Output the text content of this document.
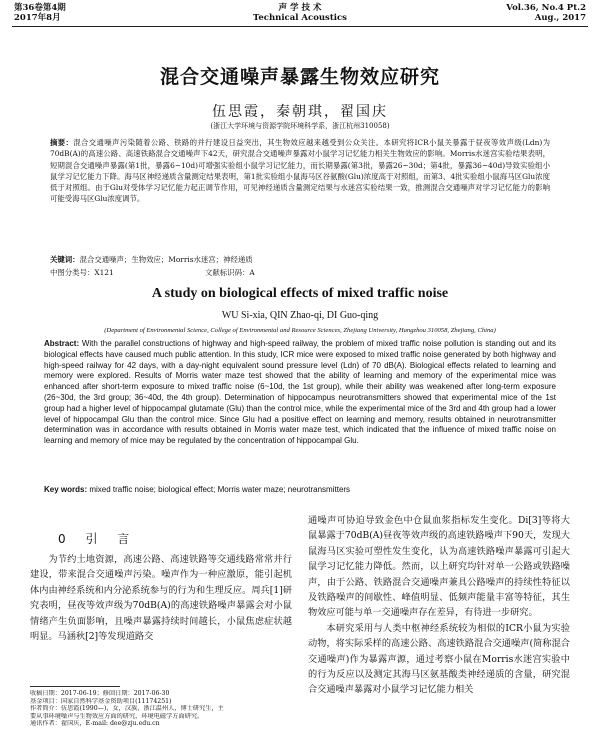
第36卷第4期
2017年8月
声 学 技 术
Technical Acoustics
Vol.36, No.4 Pt.2
Aug., 2017
混合交通噪声暴露生物效应研究
伍思霞，秦朝琪，翟国庆
(浙江大学环境与资源学院环境科学系，浙江杭州310058)
摘要：混合交通噪声污染随着公路、铁路的并行建设日益突出，其生物效应越来越受到公众关注。本研究将ICR小鼠关暴露于昼夜等效声级(Ldn)为70dB(A)的高速公路、高速铁路混合交通噪声下42天，研究混合交通噪声暴露对小鼠学习记忆能力相关生物效应的影响。Morris水迷宫实验结果表明，短期混合交通噪声暴露(第1批，暴露6~10d)可增强实验组小鼠学习记忆能力，而长期暴露(第3批，暴露26~30d；第4批，暴露36~40d)导致实验组小鼠学习记忆能力下降。海马区神经递质含量测定结果表明，第1批实验组小鼠海马区谷氨酸(Glu)浓度高于对照组，而第3、4批实验组小鼠海马区Glu浓度低于对照组。由于Glu对受体学习记忆能力起正调节作用，可见神经递质含量测定结果与水迷宫实验结果一致，推测混合交通噪声对学习记忆能力的影响可能受海马区Glu浓度调节。
关键词：混合交通噪声；生物效应；Morris水迷宫；神经递质
中图分类号：X121	文献标识码：A
A study on biological effects of mixed traffic noise
WU Si-xia, QIN Zhao-qi, DI Guo-qing
(Department of Environmental Science, College of Environmental and Resource Sciences, Zhejiang University, Hangzhou 310058, Zhejiang, China)
Abstract: With the parallel constructions of highway and high-speed railway, the problem of mixed traffic noise pollution is standing out and its biological effects have caused much public attention. In this study, ICR mice were exposed to mixed traffic noise generated by both highway and high-speed railway for 42 days, with a day-night equivalent sound pressure level (Ldn) of 70 dB(A). Biological effects related to learning and memory were explored. Results of Morris water maze test showed that the ability of learning and memory of the experimental mice was enhanced after short-term exposure to mixed traffic noise (6~10d, the 1st group), while their ability was weakened after long-term exposure (26~30d, the 3rd group; 36~40d, the 4th group). Determination of hippocampus neurotransmitters showed that experimental mice of the 1st group had a higher level of hippocampal glutamate (Glu) than the control mice, while the experimental mice of the 3rd and 4th group had a lower level of hippocampal Glu than the control mice. Since Glu had a positive effect on learning and memory, results obtained in neurotransmitter determination was in accordance with results obtained in Morris water maze test, which indicated that the influence of mixed traffic noise on learning and memory of mice may be regulated by the concentration of hippocampal Glu.
Key words: mixed traffic noise; biological effect; Morris water maze; neurotransmitters
0 引 言

为节约土地资源，高速公路、高速铁路等交通线路常常并行建设，带来混合交通噪声污染。噪声作为一种应激原，能引起机体内由神经系统和内分泌系统参与的行为和生理反应。周兵[1]研究表明，昼夜等效声级为70dB(A)的高速铁路噪声暴露会对小鼠情绪产生负面影响，且噪声暴露持续时间越长，小鼠焦虑症状越明显。马涵秋[2]等发现道路交

通噪声可协迫导致金色中仓鼠血浆指标发生变化。Di[3]等将大鼠暴露于70dB(A)昼夜等效声级的高速铁路噪声下90天，发现大鼠海马区实验可塑性发生变化，认为高速铁路噪声暴露可引起大鼠学习记忆能力降低。然而，以上研究均针对单一公路或铁路噪声，由于公路、铁路混合交通噪声兼具公路噪声的持续性特征以及铁路噪声的间歇性、峰值明显、低频声能量丰富等特征，其生物效应可能与单一交通噪声存在差异，有待进一步研究。

本研究采用与人类中枢神经系统较为相似的ICR小鼠为实验动物，将实际采样的高速公路、高速铁路混合交通噪声(简称混合交通噪声)作为暴露声源，通过考察小鼠在Morris水迷宫实验中的行为反应以及测定其海马区氨基酸类神经递质的含量，研究混合交通噪声暴露对小鼠学习记忆能力相关

收稿日期：2017-06-19；修回日期：2017-06-30
基金项目：国家自然科学基金资助项目(11174251)
作者简介：伍思霞(1990—)，女，汉族，浙江温州人，博士研究生，主
要从事环境噪声与生物效应方面的研究，环境电磁学方面研究。
通讯作者：翟国庆，E-mail: dee@zju.edu.cn
